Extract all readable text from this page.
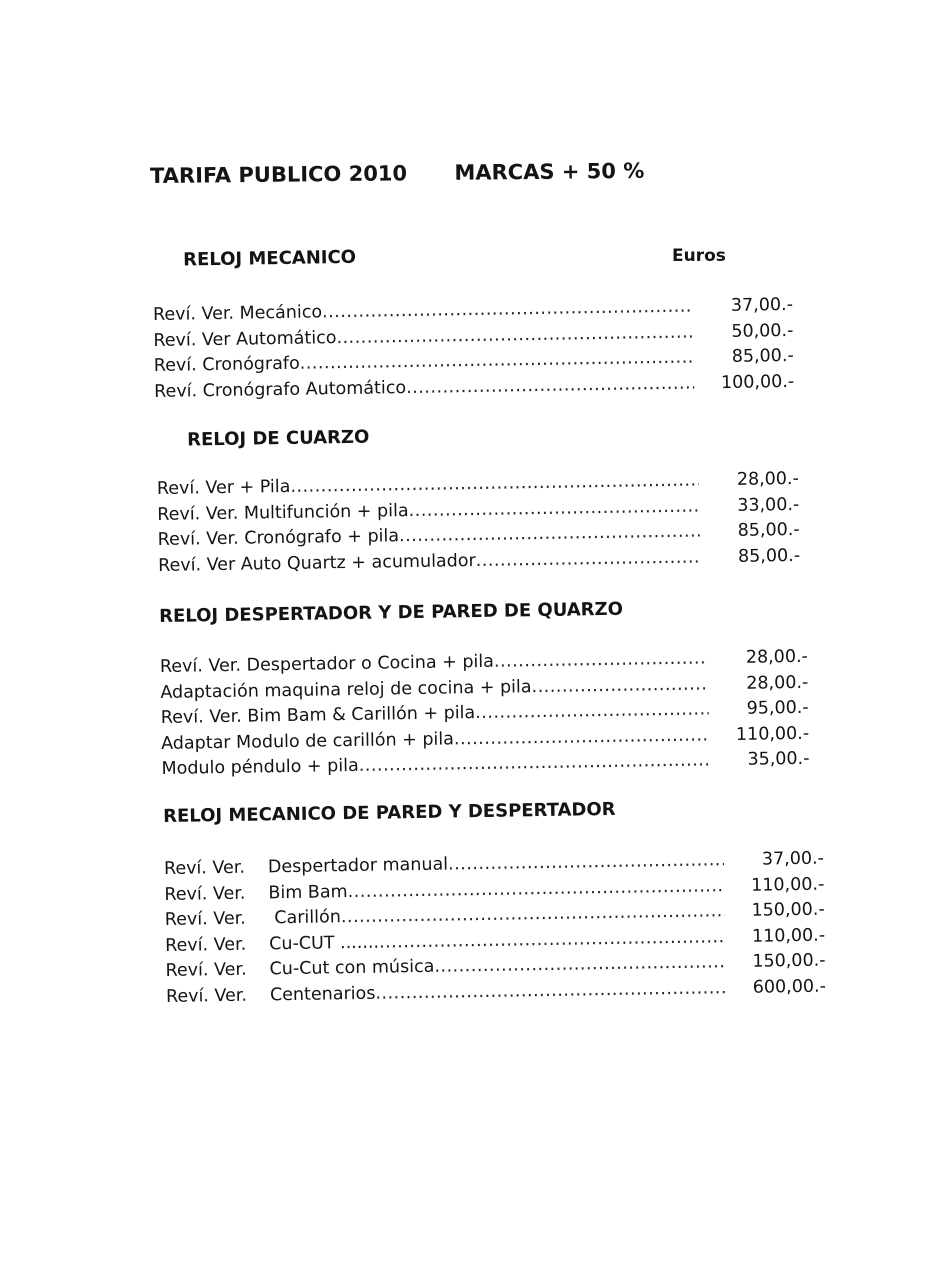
TARIFA PUBLICO 2010 MARCAS + 50 %
Euros
RELOJ MECANICO
Reví. Ver. Mecánico .....	37,00.-
Reví. Ver Automático .....	50,00.-
Reví. Cronógrafo .....	85,00.-
Reví. Cronógrafo Automático .....	100,00.-
RELOJ DE CUARZO
Reví. Ver + Pila .....	28,00.-
Reví. Ver. Multifunción + pila .....	33,00.-
Reví. Ver. Cronógrafo + pila .....	85,00.-
Reví. Ver Auto Quartz + acumulador .....	85,00.-
RELOJ DESPERTADOR Y DE PARED DE QUARZO
Reví. Ver. Despertador o Cocina + pila .....	28,00.-
Adaptación maquina reloj de cocina + pila .....	28,00.-
Reví. Ver. Bim Bam & Carillón + pila .....	95,00.-
Adaptar Modulo de carillón + pila .....	110,00.-
Modulo péndulo + pila .....	35,00.-
RELOJ MECANICO DE PARED Y DESPERTADOR
Reví. Ver. Despertador manual .....	37,00.-
Reví. Ver. Bim Bam .....	110,00.-
Reví. Ver. Carillón .....	150,00.-
Reví. Ver. Cu-CUT ....... .....	110,00.-
Reví. Ver. Cu-Cut con música .....	150,00.-
Reví. Ver. Centenarios .....	600,00.-
